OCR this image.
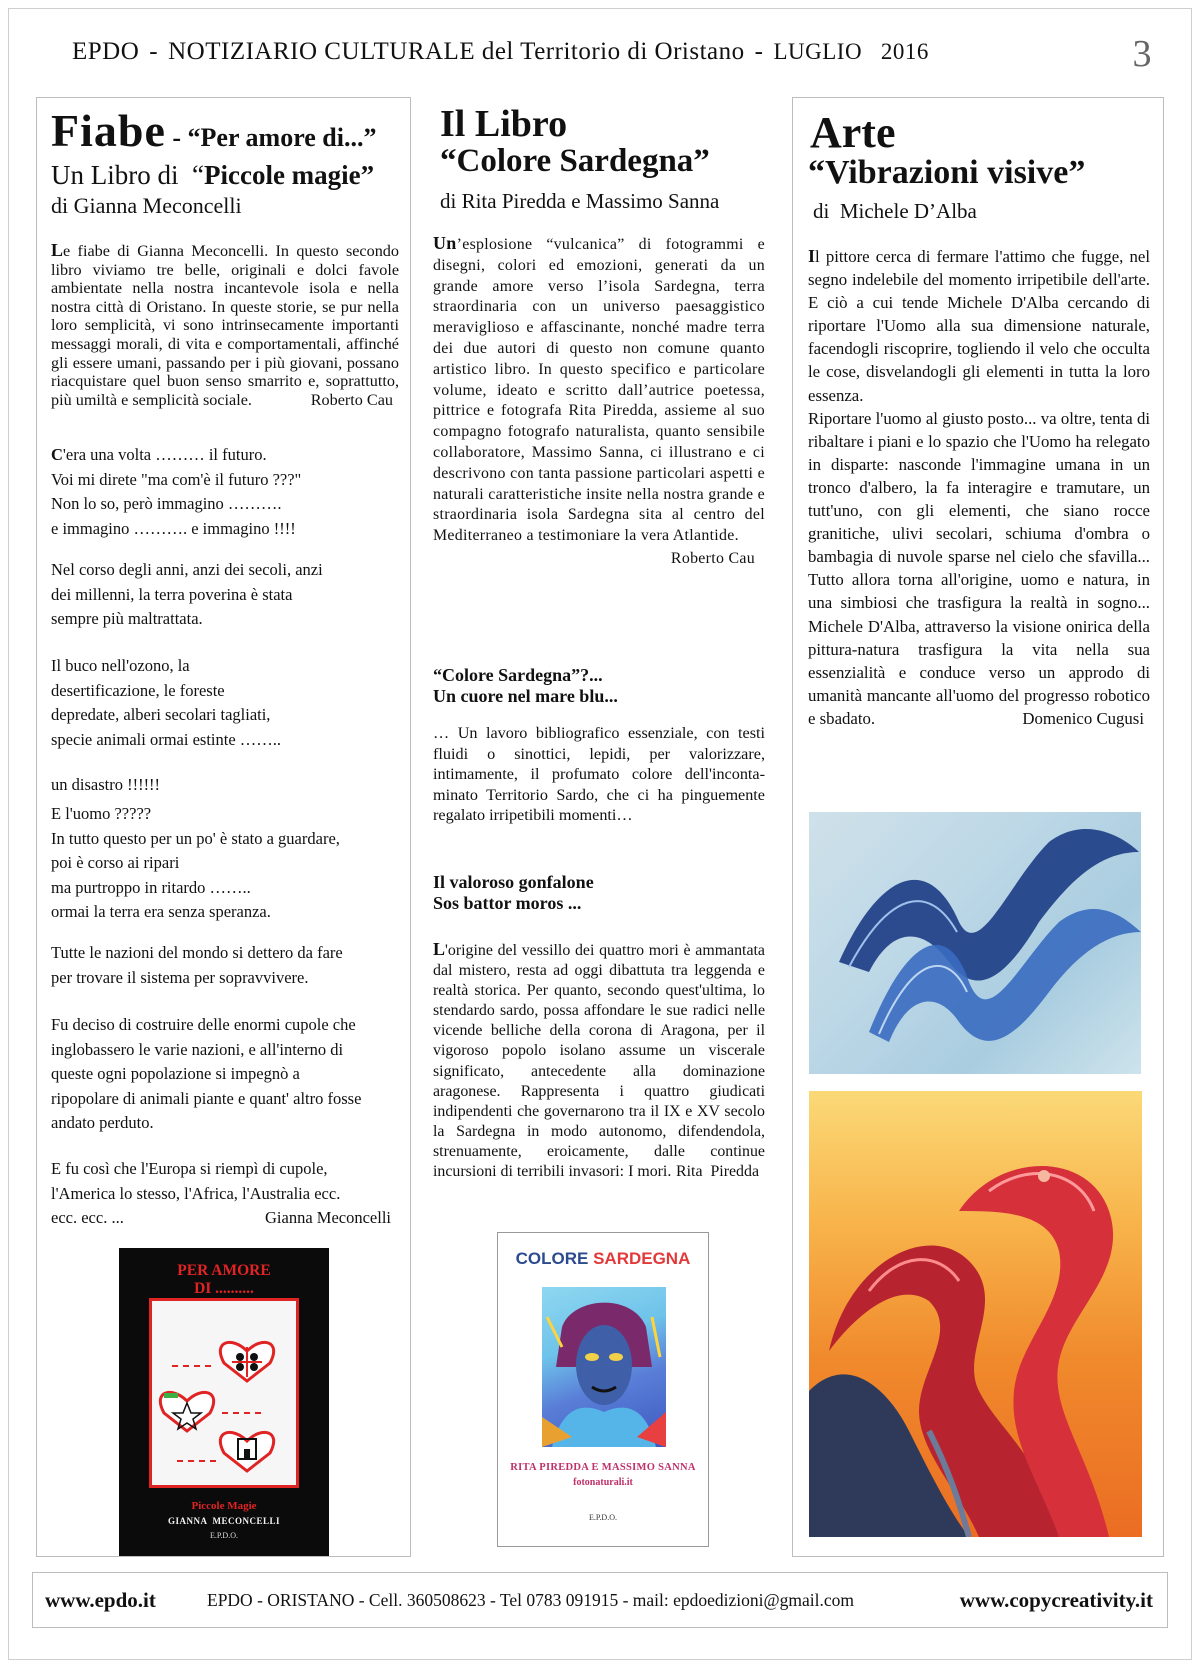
EPDO - NOTIZIARIO CULTURALE del Territorio di Oristano - LUGLIO   2016	3
Fiabe - “Per amore di...”
Un Libro di  “Piccole magie”
di Gianna Meconcelli

Le fiabe di Gianna Meconcelli. In questo secondo libro viviamo tre belle, originali e dolci favole ambientate nella nostra incantevole isola e nella nostra città di Oristano. In queste storie, se pur nella loro semplicità, vi sono intrinsecamente importanti messaggi morali, di vita e comportamentali, affinché gli essere umani, passando per i più giovani, possano riacquistare quel buon senso smarrito e, soprattutto, più umiltà e semplicità sociale.	Roberto Cau

C'era una volta ……… il futuro.
Voi mi direte "ma com'è il futuro ???"
Non lo so, però immagino ……….
e immagino ………. e immagino !!!!
Nel corso degli anni, anzi dei secoli, anzi
dei millenni, la terra poverina è stata
sempre più maltrattata.
Il buco nell'ozono, la
desertificazione, le foreste
depredate, alberi secolari tagliati,
specie animali ormai estinte ……..
un disastro !!!!!!
E l'uomo ?????
In tutto questo per un po' è stato a guardare,
poi è corso ai ripari
ma purtroppo in ritardo ……..
ormai la terra era senza speranza.
Tutte le nazioni del mondo si dettero da fare
per trovare il sistema per sopravvivere.
Fu deciso di costruire delle enormi cupole che
inglobassero le varie nazioni, e all'interno di
queste ogni popolazione si impegnò a
ripopolare di animali piante e quant' altro fosse
andato perduto.
E fu così che l'Europa si riempì di cupole,
l'America lo stesso, l'Africa, l'Australia ecc.
ecc. ecc. ...	Gianna Meconcelli
PER AMORE
DI ..........
Piccole Magie
GIANNA  MECONCELLI
E.P.D.O.
Il Libro
“Colore Sardegna”
di Rita Piredda e Massimo Sanna

Un’esplosione “vulcanica” di fotogrammi e disegni, colori ed emozioni, generati da un grande amore verso l’isola Sardegna, terra straordinaria con un universo paesaggistico meraviglioso e affascinante, nonché madre terra dei due autori di questo non comune quanto artistico libro. In questo specifico e particolare volume, ideato e scritto dall’autrice poetessa, pittrice e fotografa Rita Piredda, assieme al suo compagno fotografo naturalista, quanto sensibile collaboratore, Massimo Sanna, ci illustrano e ci descrivono con tanta passione particolari aspetti e naturali caratteristiche insite nella nostra grande e straordinaria isola Sardegna sita al centro del Mediterraneo a testimoniare la vera Atlantide.

Roberto Cau
“Colore Sardegna”?...
Un cuore nel mare blu...

… Un lavoro bibliografico essenziale, con testi fluidi o sinottici, lepidi, per valorizzare, intimamente, il profumato colore dell'inconta-minato Territorio Sardo, che ci ha pinguemente regalato irripetibili momenti…

Il valoroso gonfalone
Sos battor moros ...

L'origine del vessillo dei quattro mori è ammantata dal mistero, resta ad oggi dibattuta tra leggenda e realtà storica. Per quanto, secondo quest'ultima, lo stendardo sardo, possa affondare le sue radici nelle vicende belliche della corona di Aragona, per il vigoroso popolo isolano assume un viscerale significato, antecedente alla dominazione aragonese. Rappresenta i quattro giudicati indipendenti che governarono tra il IX e XV secolo la Sardegna in modo autonomo, difendendola, strenuamente, eroicamente, dalle continue incursioni di terribili invasori: I mori. Rita  Piredda

COLORE SARDEGNA
RITA PIREDDA E MASSIMO SANNA
fotonaturali.it
E.P.D.O.
Arte
“Vibrazioni visive”
di  Michele D’Alba

Il pittore cerca di fermare l'attimo che fugge, nel segno indelebile del momento irripetibile dell'arte. E ciò a cui tende Michele D'Alba cercando di riportare l'Uomo alla sua dimensione naturale, facendogli riscoprire, togliendo il velo che occulta le cose, disvelandogli gli elementi in tutta la loro essenza.

Riportare l'uomo al giusto posto... va oltre, tenta di ribaltare i piani e lo spazio che l'Uomo ha relegato in disparte: nasconde l'immagine umana in un tronco d'albero, la fa interagire e tramutare, un tutt'uno, con gli elementi, che siano rocce granitiche, ulivi secolari, schiuma d'ombra o bambagia di nuvole sparse nel cielo che sfavilla... Tutto allora torna all'origine, uomo e natura, in una simbiosi che trasfigura la realtà in sogno... Michele D'Alba, attraverso la visione onirica della pittura-natura trasfigura la vita nella sua essenzialità e conduce verso un approdo di umanità mancante all'uomo del progresso robotico e sbadato.	Domenico Cugusi

www.epdo.it	EPDO - ORISTANO - Cell. 360508623 - Tel 0783 091915 - mail: epdoedizioni@gmail.com	www.copycreativity.it
